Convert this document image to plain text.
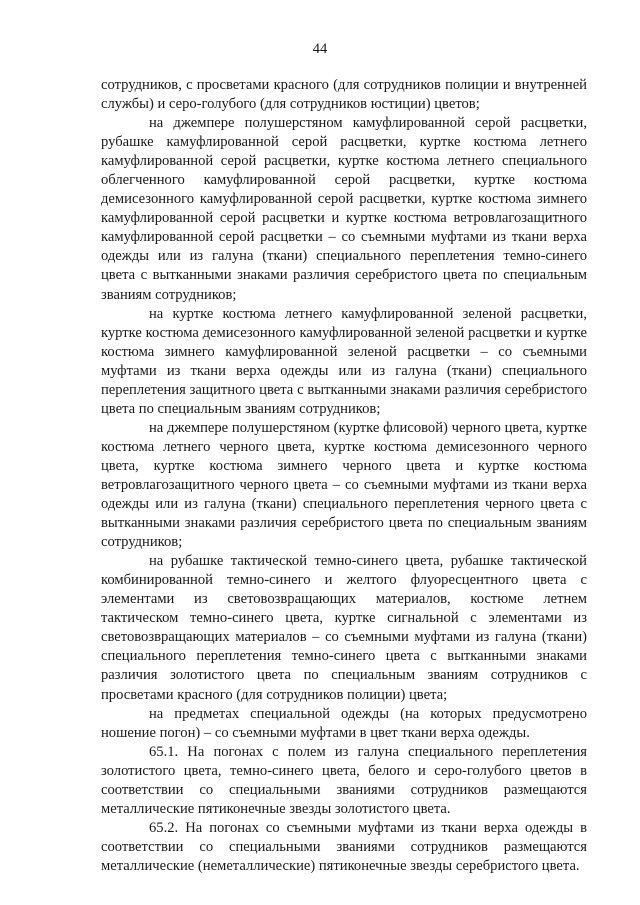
44

сотрудников, с просветами красного (для сотрудников полиции и внутренней службы) и серо-голубого (для сотрудников юстиции) цветов;

на джемпере полушерстяном камуфлированной серой расцветки, рубашке камуфлированной серой расцветки, куртке костюма летнего камуфлированной серой расцветки, куртке костюма летнего специального облегченного камуфлированной серой расцветки, куртке костюма демисезонного камуфлированной серой расцветки, куртке костюма зимнего камуфлированной серой расцветки и куртке костюма ветровлагозащитного камуфлированной серой расцветки – со съемными муфтами из ткани верха одежды или из галуна (ткани) специального переплетения темно-синего цвета с вытканными знаками различия серебристого цвета по специальным званиям сотрудников;

на куртке костюма летнего камуфлированной зеленой расцветки, куртке костюма демисезонного камуфлированной зеленой расцветки и куртке костюма зимнего камуфлированной зеленой расцветки – со съемными муфтами из ткани верха одежды или из галуна (ткани) специального переплетения защитного цвета с вытканными знаками различия серебристого цвета по специальным званиям сотрудников;

на джемпере полушерстяном (куртке флисовой) черного цвета, куртке костюма летнего черного цвета, куртке костюма демисезонного черного цвета, куртке костюма зимнего черного цвета и куртке костюма ветровлагозащитного черного цвета – со съемными муфтами из ткани верха одежды или из галуна (ткани) специального переплетения черного цвета с вытканными знаками различия серебристого цвета по специальным званиям сотрудников;

на рубашке тактической темно-синего цвета, рубашке тактической комбинированной темно-синего и желтого флуоресцентного цвета с элементами из световозвращающих материалов, костюме летнем тактическом темно-синего цвета, куртке сигнальной с элементами из световозвращающих материалов – со съемными муфтами из галуна (ткани) специального переплетения темно-синего цвета с вытканными знаками различия золотистого цвета по специальным званиям сотрудников с просветами красного (для сотрудников полиции) цвета;

на предметах специальной одежды (на которых предусмотрено ношение погон) – со съемными муфтами в цвет ткани верха одежды.

65.1. На погонах с полем из галуна специального переплетения золотистого цвета, темно-синего цвета, белого и серо-голубого цветов в соответствии со специальными званиями сотрудников размещаются металлические пятиконечные звезды золотистого цвета.

65.2. На погонах со съемными муфтами из ткани верха одежды в соответствии со специальными званиями сотрудников размещаются металлические (неметаллические) пятиконечные звезды серебристого цвета.
